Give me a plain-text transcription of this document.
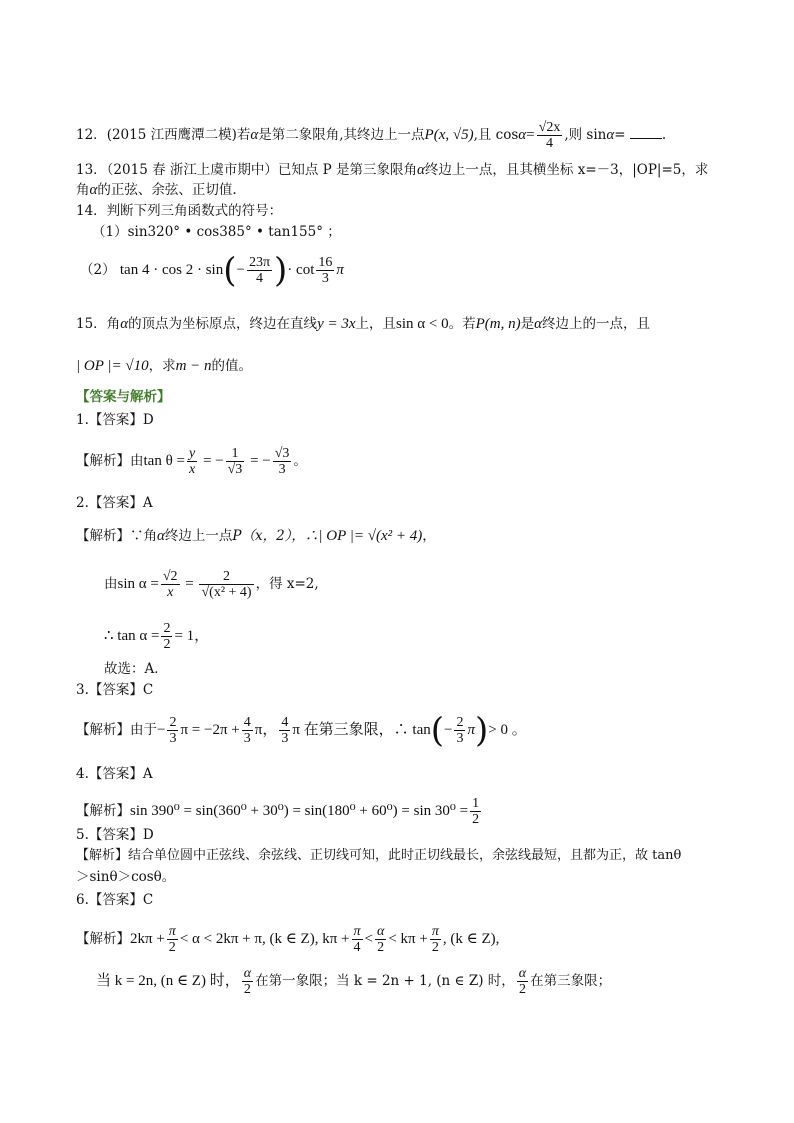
12．(2015 江西鹰潭二模)若α是第二象限角,其终边上一点P(x, √5),且 $\cos\alpha= \frac{√2x}{4}$ ,则 sinα= .
13．（2015 春 浙江上虞市期中）已知点 P 是第三象限角α终边上一点，且其横坐标 x=－3，|OP|=5，求
角α的正弦、余弦、正切值.
14．判断下列三角函数式的符号：
（1）sin320° • cos385° • tan155° ；
（2） $\tan 4 \cdot \cos 2 \cdot \sin(- \frac{23\pi}{4}$ )· $\cot \frac{16}{3}$ π
15．角α的顶点为坐标原点，终边在直线y = 3x上，且sin α < 0。若P(m, n)是α终边上的一点，且
| OP |= √10，求m − n的值。
【答案与解析】
1.【答案】D
【解析】由$\tan \theta = \frac{y}{x}$ = − $\frac{1}{√3}$ = − $\frac{√3}{3}$ 。
2.【答案】A
【解析】∵角α终边上一点P（x，2），∴| OP |= √(x² + 4)，
由$\sin \alpha = \frac{√2}{x} = \frac{2}{\text{√(x² + 4)}}$ ，得 x=2,
∴ $\tan \alpha = \frac{2}{2} = 1$，
故选：A．
3.【答案】C
【解析】由于− $\frac{2}{3}$ $\pi = -2\pi + \frac{4}{3}$ π， $\frac{4}{3}$ π 在第三象限，∴ $\tan(- \frac{2}{3} \pi)> 0$ 。
4.【答案】A
【解析】$\sin 390^0 = \sin(360^0 + 30^0) = \sin(180^0 + 60^0) = \sin 30^0 = \frac{1}{2}$
5.【答案】D
【解析】结合单位圆中正弦线、余弦线、正切线可知，此时正切线最长，余弦线最短，且都为正，故 tanθ
＞sinθ＞cosθ。
6.【答案】C
【解析】$2k\pi + \frac{\pi}{2} < \alpha < 2k\pi + \pi$, (k ∈ Z), $k\pi + \frac{\pi}{4} < \frac{\alpha}{2} < k\pi + \frac{\pi}{2}$ , (k ∈ Z),
当 k = 2n, (n ∈ Z) 时， $\frac{\alpha}{2}$ 在第一象限；当 k = 2n + 1, (n ∈ Z) 时， $\frac{\alpha}{2}$ 在第三象限；
